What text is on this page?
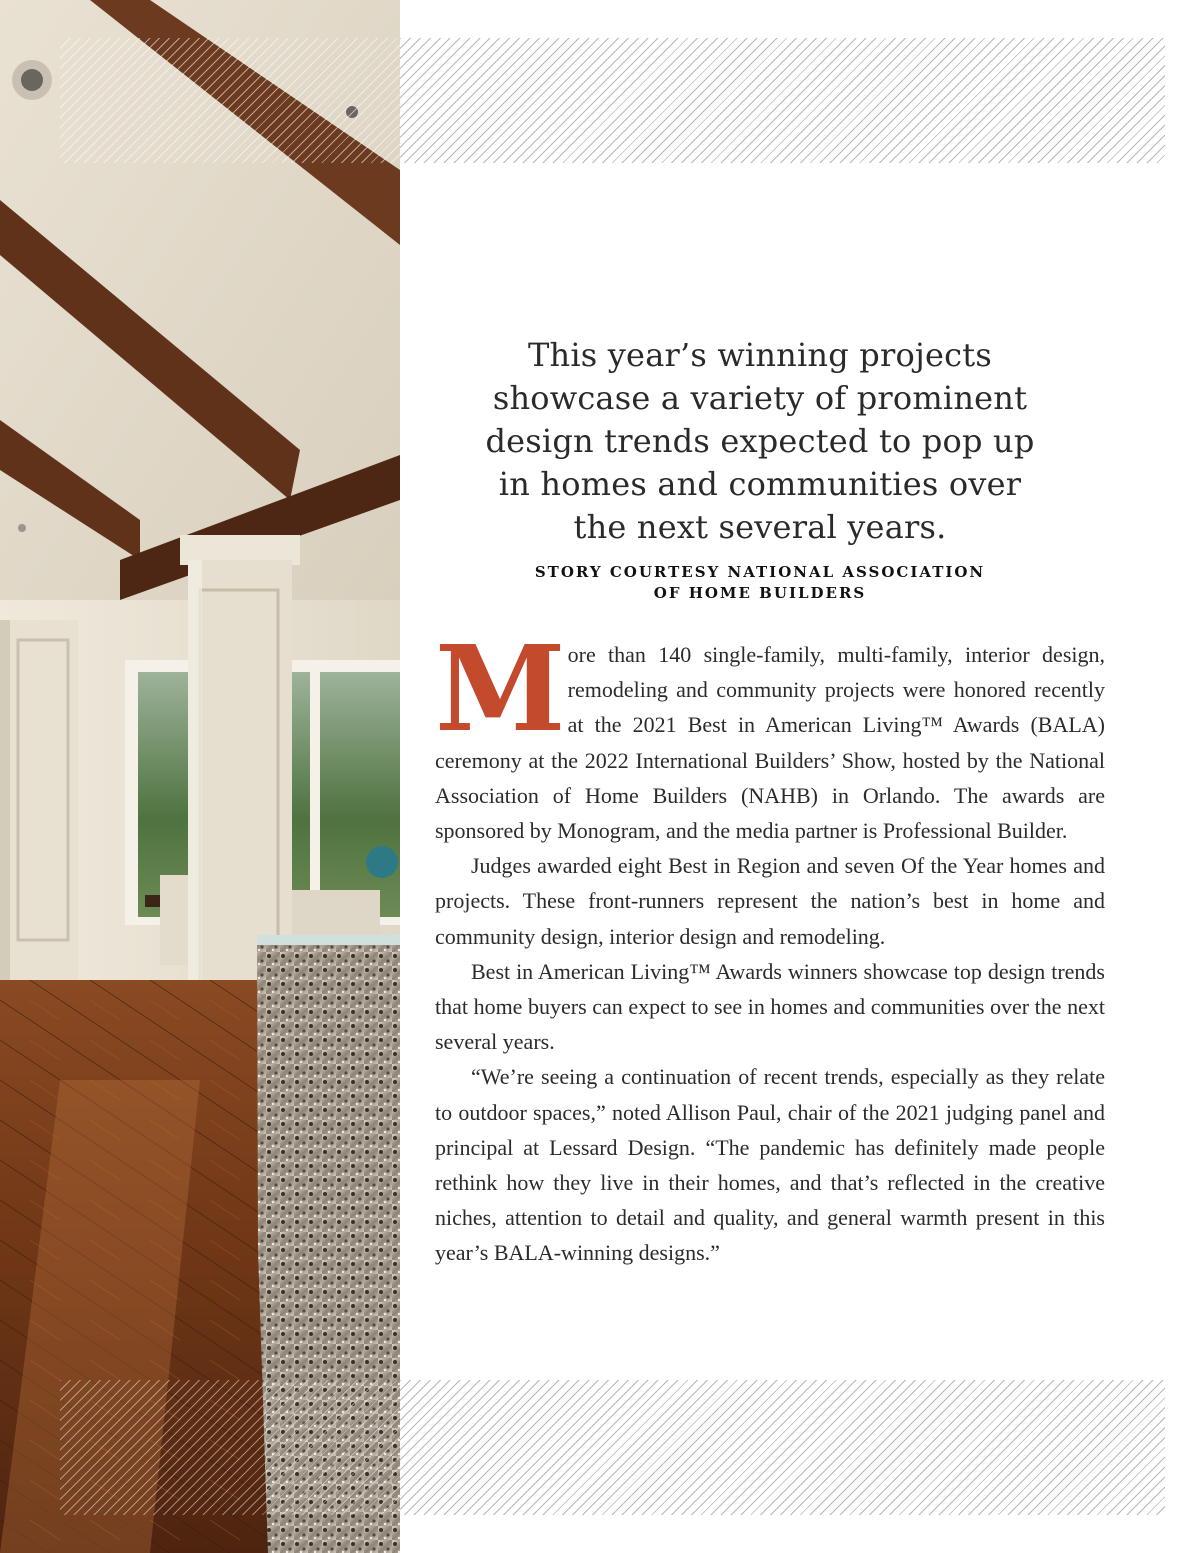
This year’s winning projects
showcase a variety of prominent
design trends expected to pop up
in homes and communities over
the next several years.
STORY COURTESY NATIONAL ASSOCIATION
OF HOME BUILDERS

More than 140 single-family, multi-family, interior design, remodeling and community projects were honored recently at the 2021 Best in American Living™ Awards (BALA) ceremony at the 2022 International Builders’ Show, hosted by the National Association of Home Builders (NAHB) in Orlando. The awards are sponsored by Monogram, and the media partner is Professional Builder.

Judges awarded eight Best in Region and seven Of the Year homes and projects. These front-runners represent the nation’s best in home and community design, interior design and remodeling.

Best in American Living™ Awards winners showcase top design trends that home buyers can expect to see in homes and communities over the next several years.

“We’re seeing a continuation of recent trends, especially as they relate to outdoor spaces,” noted Allison Paul, chair of the 2021 judging panel and principal at Lessard Design. “The pandemic has definitely made people rethink how they live in their homes, and that’s reflected in the creative niches, attention to detail and quality, and general warmth present in this year’s BALA-winning designs.”
